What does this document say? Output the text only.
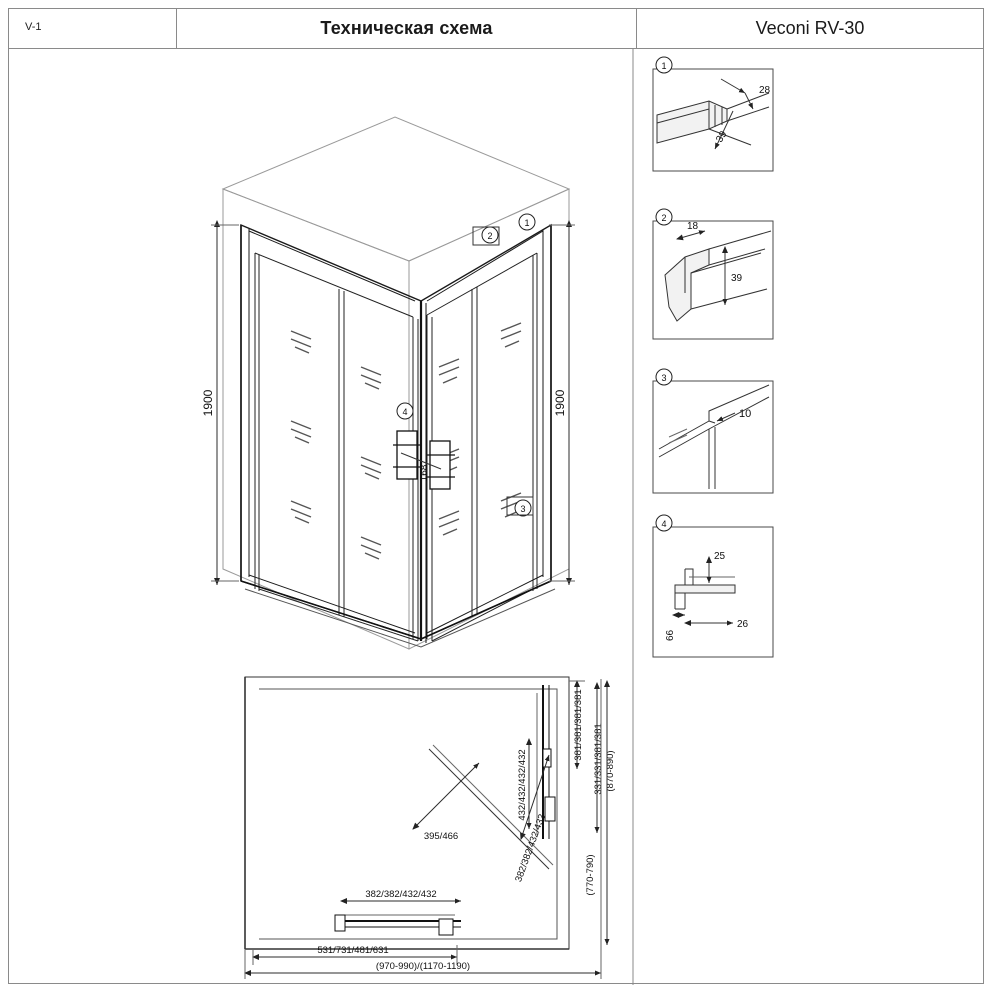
V-1	Техническая схема	Veconi RV-30
1900	1900
168
1
2
3
4
1
28
39
2
18
39
3
10
4
25
26
66
381/381/381/381
432/432/432/432	331/331/381/381 (870-890)
(770-790)
395/466	382/382/432/432
382/382/432/432
531/731/481/631
(970-990)/(1170-1190)
